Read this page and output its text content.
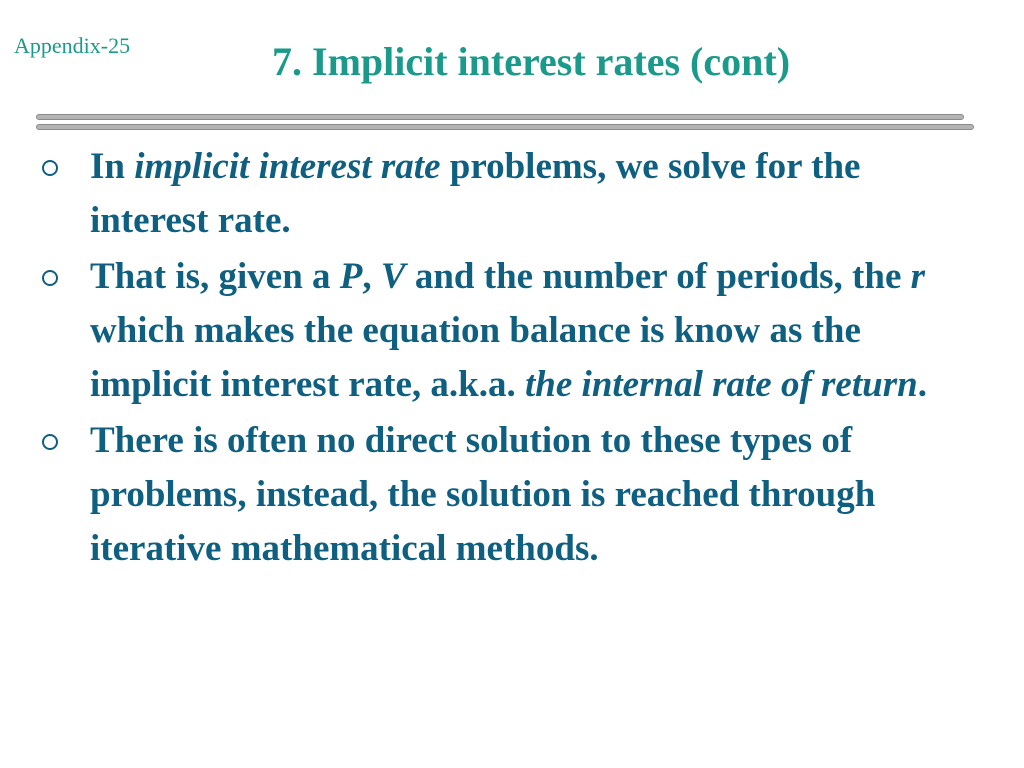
Appendix-25	7. Implicit interest rates (cont)
In implicit interest rate problems, we solve for the interest rate.
That is, given a P, V and the number of periods, the r which makes the equation balance is know as the implicit interest rate, a.k.a. the internal rate of return.
There is often no direct solution to these types of problems, instead, the solution is reached through iterative mathematical methods.
